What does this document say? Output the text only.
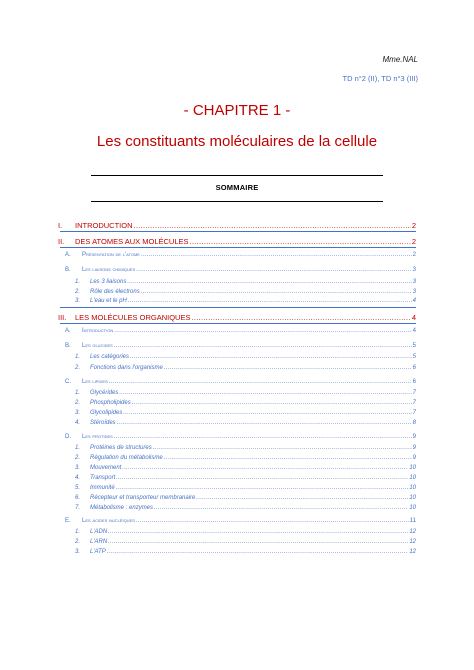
Mme.NAL
TD n°2 (II), TD n°3 (III)
- CHAPITRE 1 -
Les constituants moléculaires de la cellule
SOMMAIRE
I. INTRODUCTION .....	2
II. DES ATOMES AUX MOLÉCULES .....	2
A. Présentation de l'atome .....	2
B. Les liaisons chimiques .....	3
1. Les 3 liaisons .....	3
2. Rôle des électrons .....	3
3. L'eau et le pH .....	4
III. LES MOLÉCULES ORGANIQUES .....	4
A. Introduction .....	4
B. Les glucides .....	5
1. Les catégories .....	5
2. Fonctions dans l'organisme .....	6
C. Les lipides .....	6
1. Glycérides .....	7
2. Phospholipides .....	7
3. Glycolipides .....	7
4. Stéroïdes .....	8
D. Les protides .....	9
1. Protéines de structures .....	9
2. Régulation du métabolisme .....	9
3. Mouvement .....	10
4. Transport .....	10
5. Immunité .....	10
6. Récepteur et transporteur membranaire .....	10
7. Métabolisme : enzymes .....	10
E. Les acides nucléiques .....	11
1. L'ADN .....	12
2. L'ARN .....	12
3. L'ATP .....	12
